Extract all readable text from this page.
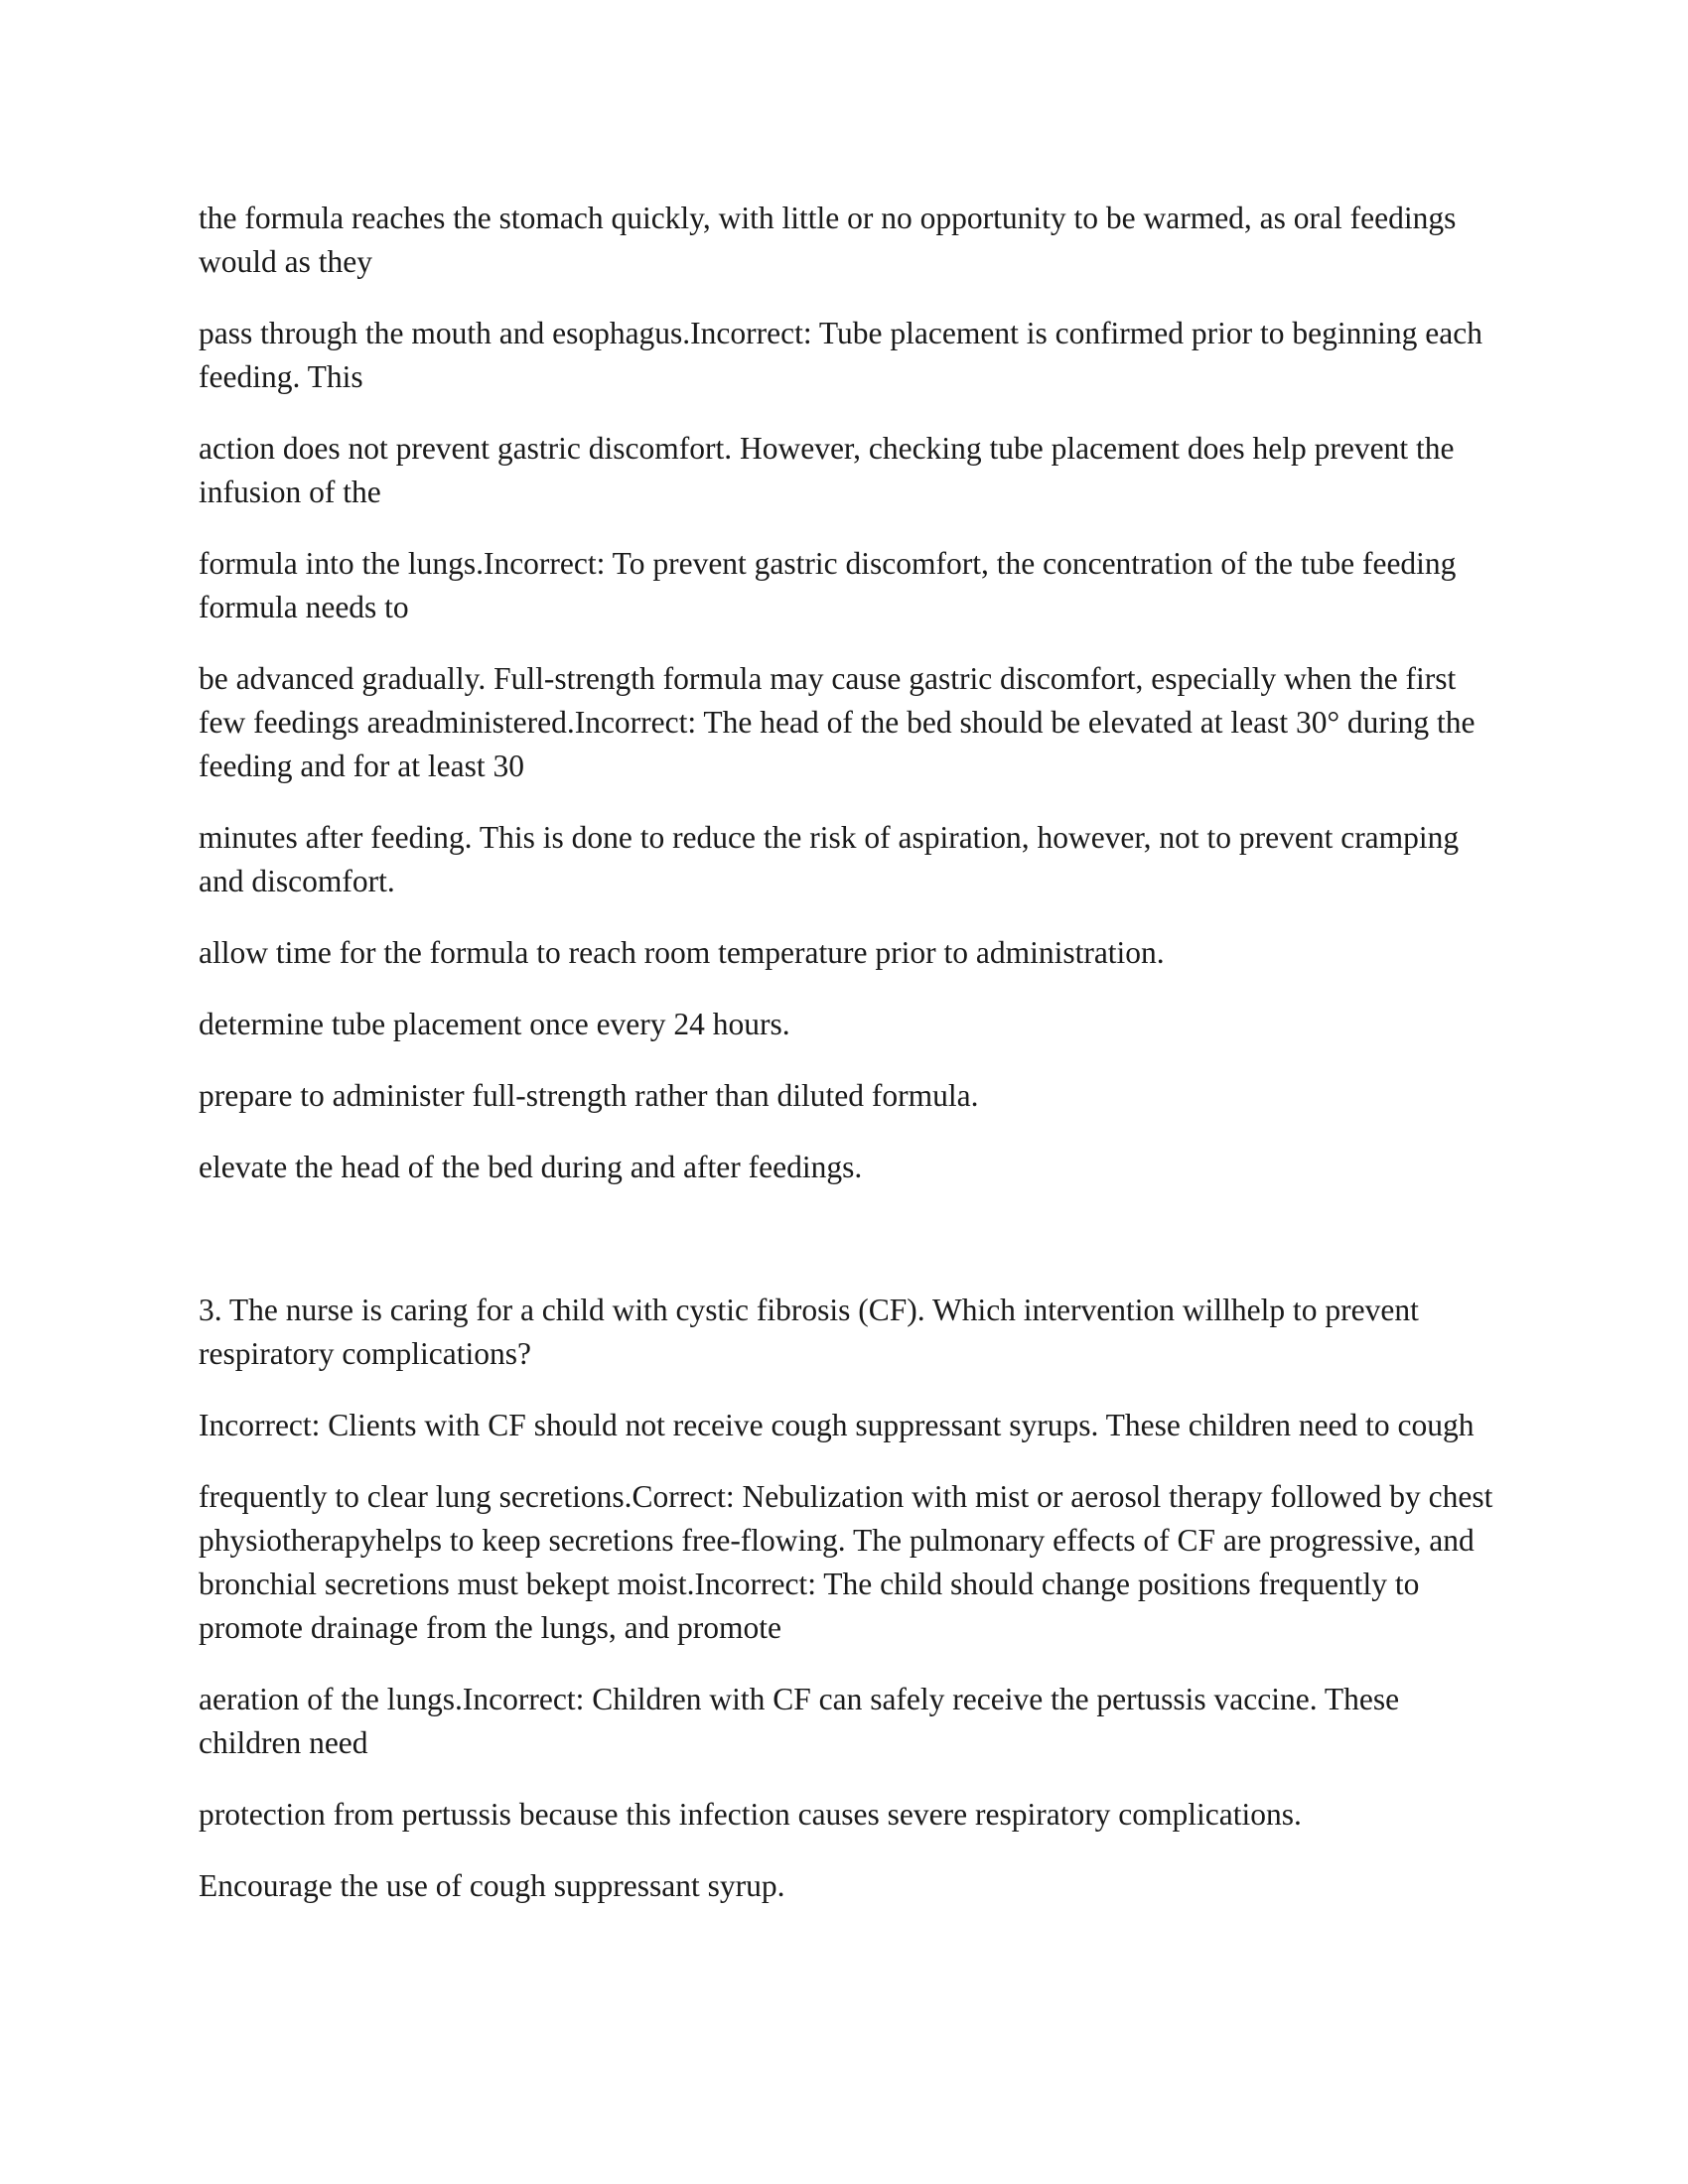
the formula reaches the stomach quickly, with little or no opportunity to be warmed, as oral feedings would as they

pass through the mouth and esophagus.Incorrect: Tube placement is confirmed prior to beginning each feeding. This

action does not prevent gastric discomfort. However, checking tube placement does help prevent the infusion of the

formula into the lungs.Incorrect: To prevent gastric discomfort, the concentration of the tube feeding formula needs to

be advanced gradually. Full-strength formula may cause gastric discomfort, especially when the first few feedings areadministered.Incorrect: The head of the bed should be elevated at least 30° during the feeding and for at least 30

minutes after feeding. This is done to reduce the risk of aspiration, however, not to prevent cramping and discomfort.

allow time for the formula to reach room temperature prior to administration.

determine tube placement once every 24 hours.

prepare to administer full-strength rather than diluted formula.

elevate the head of the bed during and after feedings.

3. The nurse is caring for a child with cystic fibrosis (CF). Which intervention willhelp to prevent respiratory complications?

Incorrect: Clients with CF should not receive cough suppressant syrups. These children need to cough

frequently to clear lung secretions.Correct: Nebulization with mist or aerosol therapy followed by chest physiotherapyhelps to keep secretions free-flowing. The pulmonary effects of CF are progressive, and bronchial secretions must bekept moist.Incorrect: The child should change positions frequently to promote drainage from the lungs, and promote

aeration of the lungs.Incorrect: Children with CF can safely receive the pertussis vaccine. These children need

protection from pertussis because this infection causes severe respiratory complications.

Encourage the use of cough suppressant syrup.
